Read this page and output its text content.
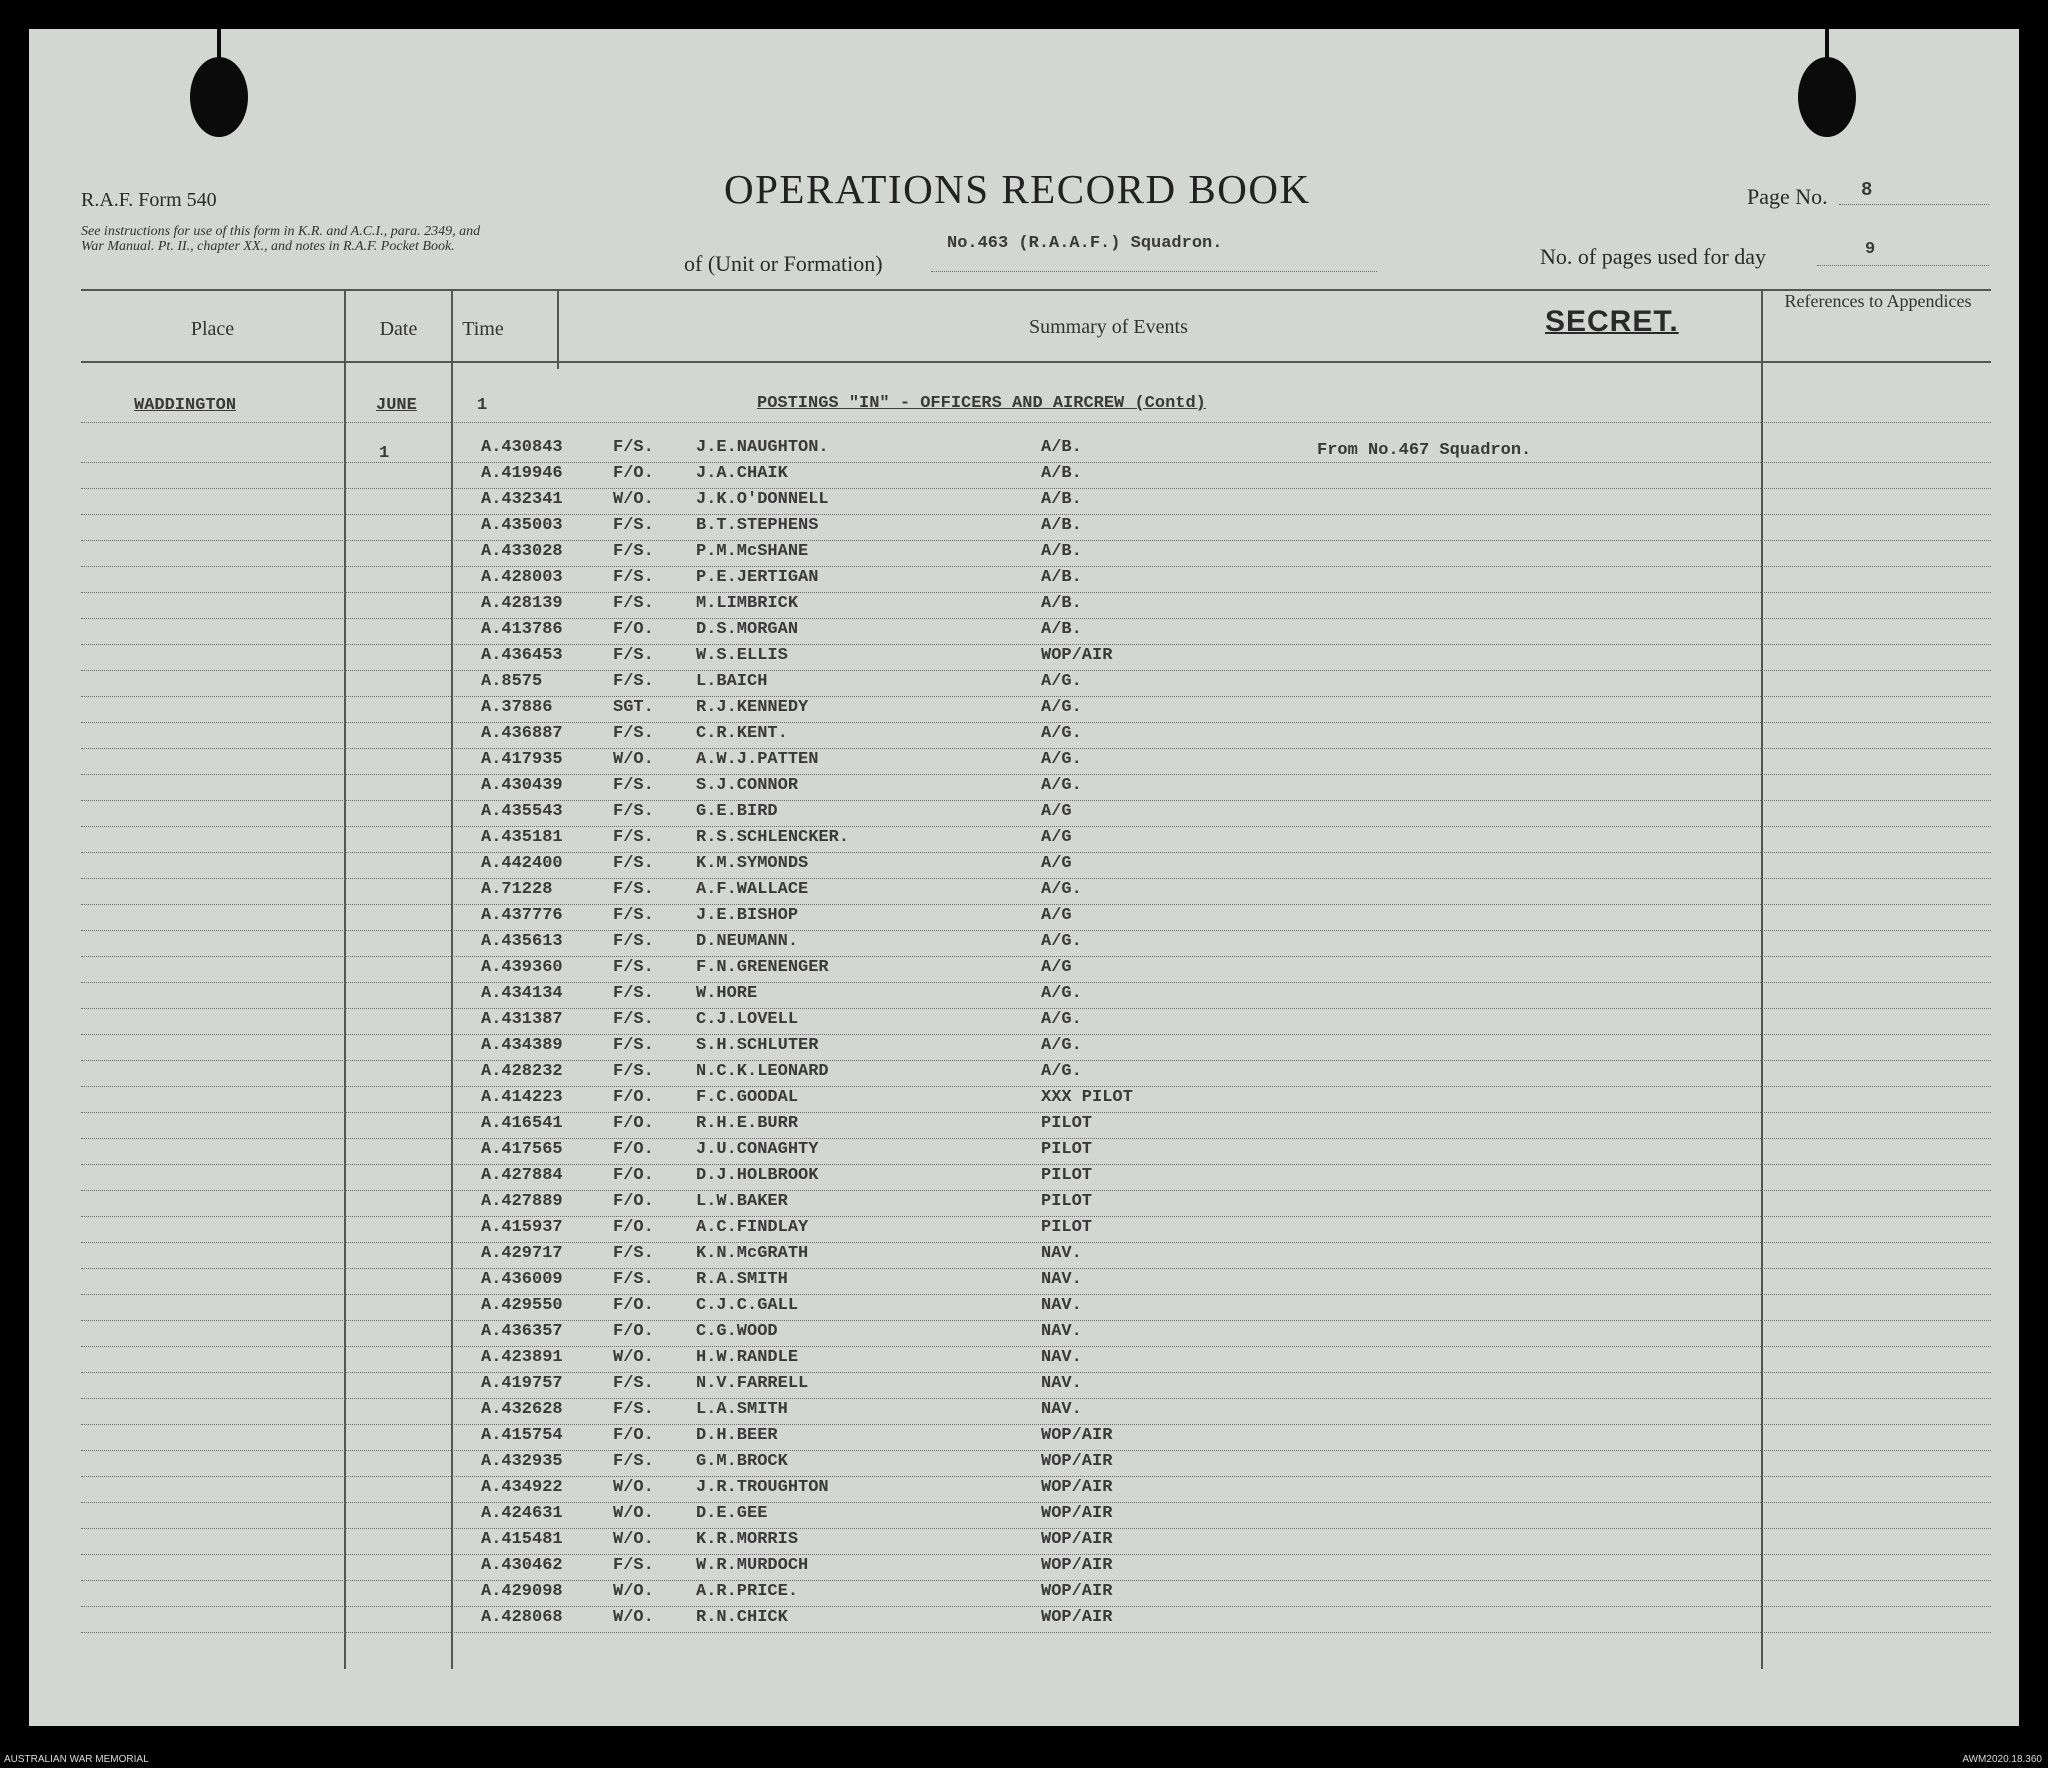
R.A.F. Form 540
See instructions for use of this form in K.R. and A.C.I., para. 2349, and War Manual. Pt. II., chapter XX., and notes in R.A.F. Pocket Book.
OPERATIONS RECORD BOOK	Page No. 8
of (Unit or Formation)
No.463 (R.A.A.F.) Squadron.
No. of pages used for day	9
Place	Date	Time	Summary of Events	SECRET.
References to Appendices
WADDINGTON	JUNE	1	POSTINGS "IN" - OFFICERS AND AIRCREW (Contd)
1	From No.467 Squadron.
A.430843	F/S. J.E.NAUGHTON.	A/B.
A.419946	F/O. J.A.CHAIK	A/B.
A.432341	W/O. J.K.O'DONNELL	A/B.
A.435003	F/S. B.T.STEPHENS	A/B.
A.433028	F/S. P.M.McSHANE	A/B.
A.428003	F/S. P.E.JERTIGAN	A/B.
A.428139	F/S. M.LIMBRICK	A/B.
A.413786	F/O. D.S.MORGAN	A/B.
A.436453	F/S. W.S.ELLIS	WOP/AIR
A.8575	F/S. L.BAICH	A/G.
A.37886	SGT. R.J.KENNEDY	A/G.
A.436887	F/S. C.R.KENT.	A/G.
A.417935	W/O. A.W.J.PATTEN	A/G.
A.430439	F/S. S.J.CONNOR	A/G.
A.435543	F/S. G.E.BIRD	A/G
A.435181	F/S. R.S.SCHLENCKER.	A/G
A.442400	F/S. K.M.SYMONDS	A/G
A.71228	F/S. A.F.WALLACE	A/G.
A.437776	F/S. J.E.BISHOP	A/G
A.435613	F/S. D.NEUMANN.	A/G.
A.439360	F/S. F.N.GRENENGER	A/G
A.434134	F/S. W.HORE	A/G.
A.431387	F/S. C.J.LOVELL	A/G.
A.434389	F/S. S.H.SCHLUTER	A/G.
A.428232	F/S. N.C.K.LEONARD	A/G.
A.414223	F/O. F.C.GOODAL	XXX PILOT
A.416541	F/O. R.H.E.BURR	PILOT
A.417565	F/O. J.U.CONAGHTY	PILOT
A.427884	F/O. D.J.HOLBROOK	PILOT
A.427889	F/O. L.W.BAKER	PILOT
A.415937	F/O. A.C.FINDLAY	PILOT
A.429717	F/S. K.N.McGRATH	NAV.
A.436009	F/S. R.A.SMITH	NAV.
A.429550	F/O. C.J.C.GALL	NAV.
A.436357	F/O. C.G.WOOD	NAV.
A.423891	W/O. H.W.RANDLE	NAV.
A.419757	F/S. N.V.FARRELL	NAV.
A.432628	F/S. L.A.SMITH	NAV.
A.415754	F/O. D.H.BEER	WOP/AIR
A.432935	F/S. G.M.BROCK	WOP/AIR
A.434922	W/O. J.R.TROUGHTON	WOP/AIR
A.424631	W/O. D.E.GEE	WOP/AIR
A.415481	W/O. K.R.MORRIS	WOP/AIR
A.430462	F/S. W.R.MURDOCH	WOP/AIR
A.429098	W/O. A.R.PRICE.	WOP/AIR
A.428068	W/O. R.N.CHICK	WOP/AIR
AUSTRALIAN WAR MEMORIAL	AWM2020.18.360
